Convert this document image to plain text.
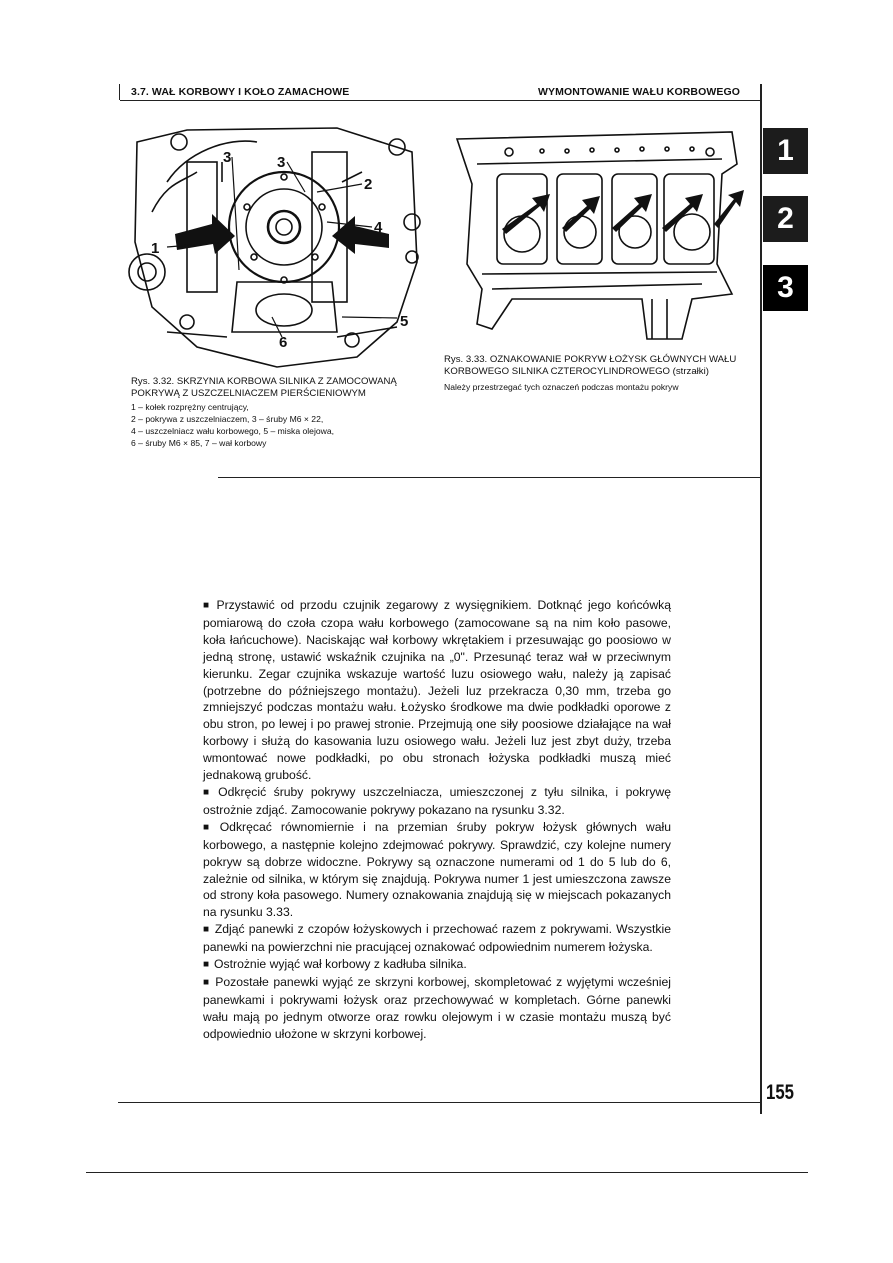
3.7. WAŁ KORBOWY I KOŁO ZAMACHOWE	WYMONTOWANIE WAŁU KORBOWEGO
1
2
3	3
4
5
6
Rys. 3.32. SKRZYNIA KORBOWA SILNIKA Z ZAMOCOWANĄ POKRYWĄ Z USZCZELNIACZEM PIERŚCIENIOWYM
1 – kołek rozprężny centrujący,
2 – pokrywa z uszczelniaczem, 3 – śruby M6 × 22,
4 – uszczelniacz wału korbowego, 5 – miska olejowa,
6 – śruby M6 × 85, 7 – wał korbowy
Rys. 3.33. OZNAKOWANIE POKRYW ŁOŻYSK GŁÓWNYCH WAŁU KORBOWEGO SILNIKA CZTEROCYLINDROWEGO (strzałki)
Należy przestrzegać tych oznaczeń podczas montażu pokryw

■ Przystawić od przodu czujnik zegarowy z wysięgnikiem. Dotknąć jego końcówką pomiarową do czoła czopa wału korbowego (zamocowane są na nim koło pasowe, koła łańcuchowe). Naciskając wał korbowy wkrętakiem i przesuwając go poosiowo w jedną stronę, ustawić wskaźnik czujnika na „0". Przesunąć teraz wał w przeciwnym kierunku. Zegar czujnika wskazuje wartość luzu osiowego wału, należy ją zapisać (potrzebne do późniejszego montażu). Jeżeli luz przekracza 0,30 mm, trzeba go zmniejszyć podczas montażu wału. Łożysko środkowe ma dwie podkładki oporowe z obu stron, po lewej i po prawej stronie. Przejmują one siły poosiowe działające na wał korbowy i służą do kasowania luzu osiowego wału. Jeżeli luz jest zbyt duży, trzeba wmontować nowe podkładki, po obu stronach łożyska podkładki muszą mieć jednakową grubość.

■ Odkręcić śruby pokrywy uszczelniacza, umieszczonej z tyłu silnika, i pokrywę ostrożnie zdjąć. Zamocowanie pokrywy pokazano na rysunku 3.32.

■ Odkręcać równomiernie i na przemian śruby pokryw łożysk głównych wału korbowego, a następnie kolejno zdejmować pokrywy. Sprawdzić, czy kolejne numery pokryw są dobrze widoczne. Pokrywy są oznaczone numerami od 1 do 5 lub do 6, zależnie od silnika, w którym się znajdują. Pokrywa numer 1 jest umieszczona zawsze od strony koła pasowego. Numery oznakowania znajdują się w miejscach pokazanych na rysunku 3.33.

■ Zdjąć panewki z czopów łożyskowych i przechować razem z pokrywami. Wszystkie panewki na powierzchni nie pracującej oznakować odpowiednim numerem łożyska.

■ Ostrożnie wyjąć wał korbowy z kadłuba silnika.

■ Pozostałe panewki wyjąć ze skrzyni korbowej, skompletować z wyjętymi wcześniej panewkami i pokrywami łożysk oraz przechowywać w kompletach. Górne panewki wału mają po jednym otworze oraz rowku olejowym i w czasie montażu muszą być odpowiednio ułożone w skrzyni korbowej.

1
2
3
155
